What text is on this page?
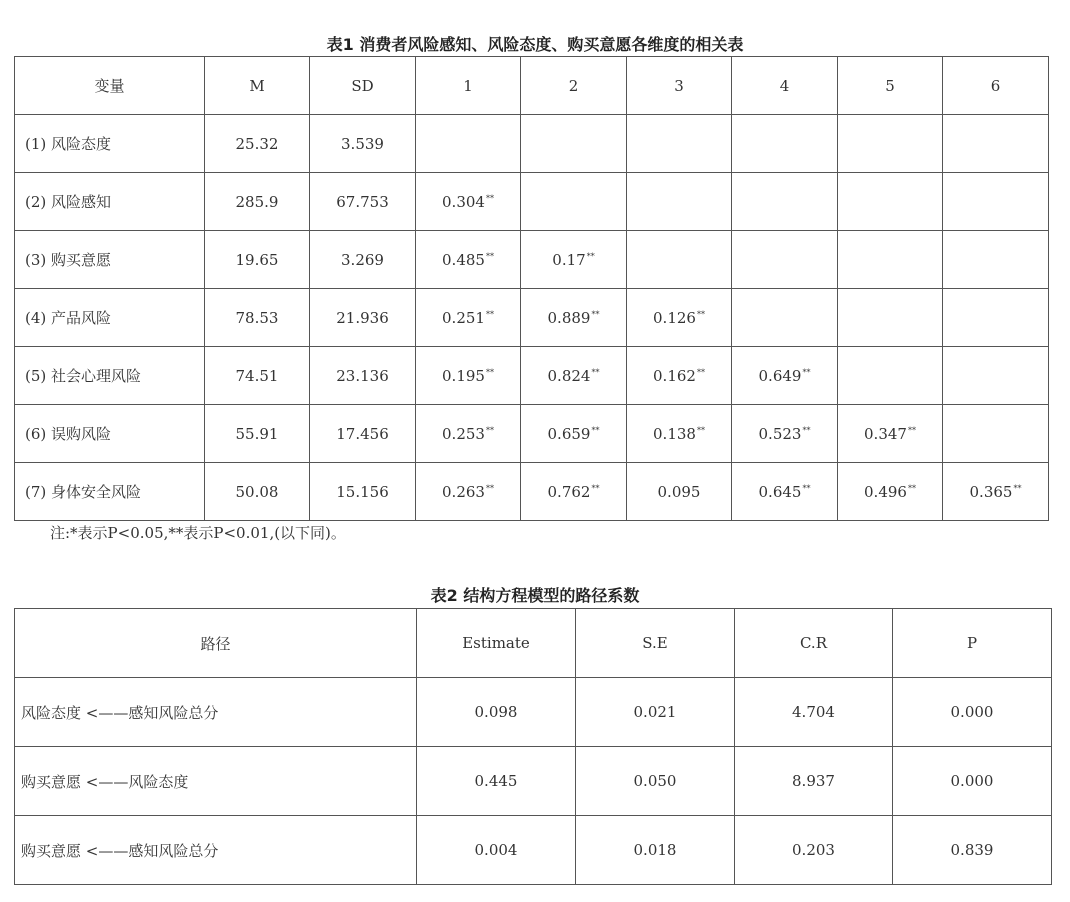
表1 消费者风险感知、风险态度、购买意愿各维度的相关表
变量	M	SD	1	2	3	4	5	6
(1) 风险态度	25.32	3.539						
(2) 风险感知	285.9	67.753	0.304**					
(3) 购买意愿	19.65	3.269	0.485**	0.17**				
(4) 产品风险	78.53	21.936	0.251**	0.889**	0.126**			
(5) 社会心理风险	74.51	23.136	0.195**	0.824**	0.162**	0.649**		
(6) 误购风险	55.91	17.456	0.253**	0.659**	0.138**	0.523**	0.347**	
(7) 身体安全风险	50.08	15.156	0.263**	0.762**	0.095	0.645**	0.496**	0.365**
注:*表示P<0.05,**表示P<0.01,(以下同)。
表2 结构方程模型的路径系数
路径	Estimate	S.E	C.R	P
风险态度 <——感知风险总分	0.098	0.021	4.704	0.000
购买意愿 <——风险态度	0.445	0.050	8.937	0.000
购买意愿 <——感知风险总分	0.004	0.018	0.203	0.839
